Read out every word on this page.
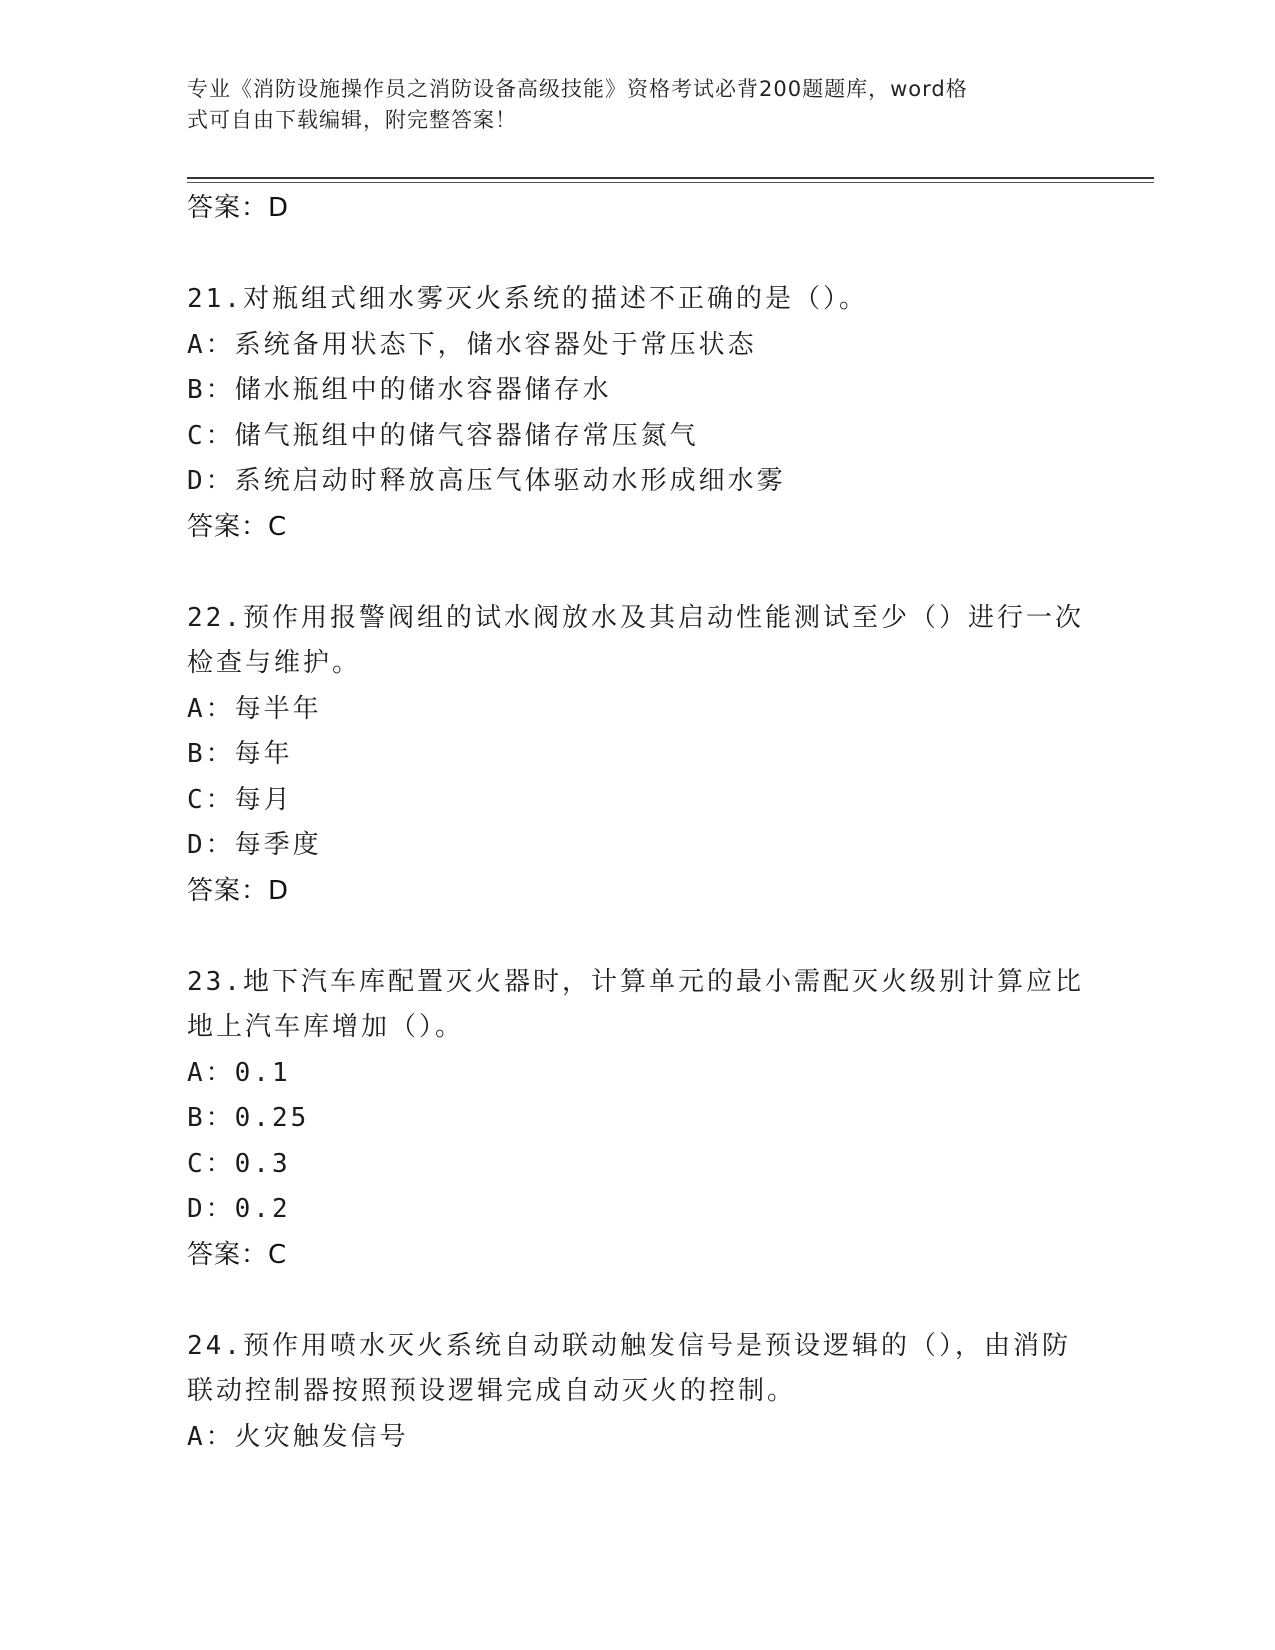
专业《消防设施操作员之消防设备高级技能》资格考试必背200题题库，word格
式可自由下载编辑，附完整答案！
答案：D
21.对瓶组式细水雾灭火系统的描述不正确的是（）。
A：系统备用状态下，储水容器处于常压状态
B：储水瓶组中的储水容器储存水
C：储气瓶组中的储气容器储存常压氮气
D：系统启动时释放高压气体驱动水形成细水雾
答案：C
22.预作用报警阀组的试水阀放水及其启动性能测试至少（）进行一次
检查与维护。
A：每半年
B：每年
C：每月
D：每季度
答案：D
23.地下汽车库配置灭火器时，计算单元的最小需配灭火级别计算应比
地上汽车库增加（）。
A：0.1
B：0.25
C：0.3
D：0.2
答案：C
24.预作用喷水灭火系统自动联动触发信号是预设逻辑的（），由消防
联动控制器按照预设逻辑完成自动灭火的控制。
A：火灾触发信号
